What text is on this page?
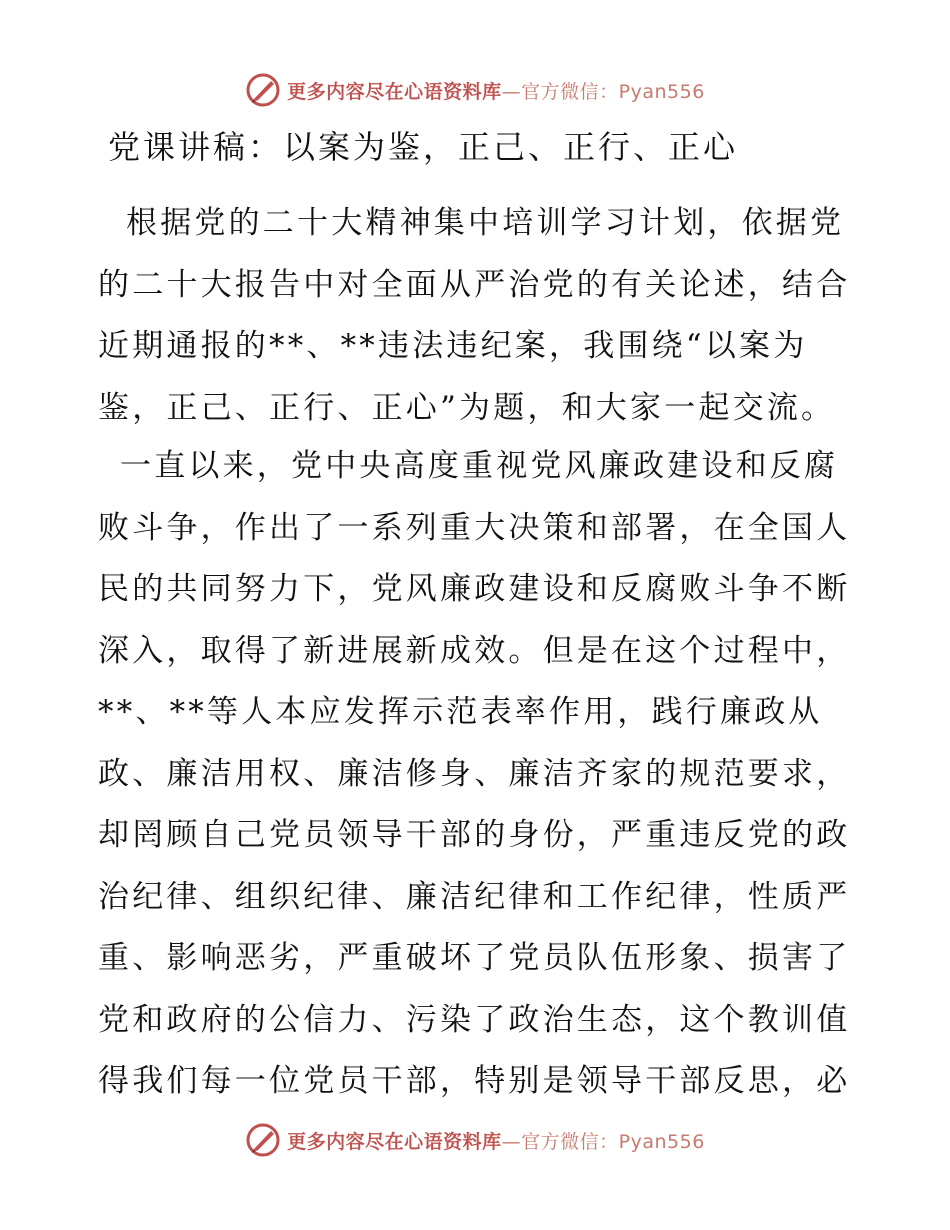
更多内容尽在心语资料库—官方微信：Pyan556
党课讲稿：以案为鉴，正己、正行、正心
根据党的二十大精神集中培训学习计划，依据党
的二十大报告中对全面从严治党的有关论述，结合
近期通报的**、**违法违纪案，我围绕“以案为
鉴，正己、正行、正心”为题，和大家一起交流。
一直以来，党中央高度重视党风廉政建设和反腐
败斗争，作出了一系列重大决策和部署，在全国人
民的共同努力下，党风廉政建设和反腐败斗争不断
深入，取得了新进展新成效。但是在这个过程中，
**、**等人本应发挥示范表率作用，践行廉政从
政、廉洁用权、廉洁修身、廉洁齐家的规范要求，
却罔顾自己党员领导干部的身份，严重违反党的政
治纪律、组织纪律、廉洁纪律和工作纪律，性质严
重、影响恶劣，严重破坏了党员队伍形象、损害了
党和政府的公信力、污染了政治生态，这个教训值
得我们每一位党员干部，特别是领导干部反思，必
更多内容尽在心语资料库—官方微信：Pyan556
